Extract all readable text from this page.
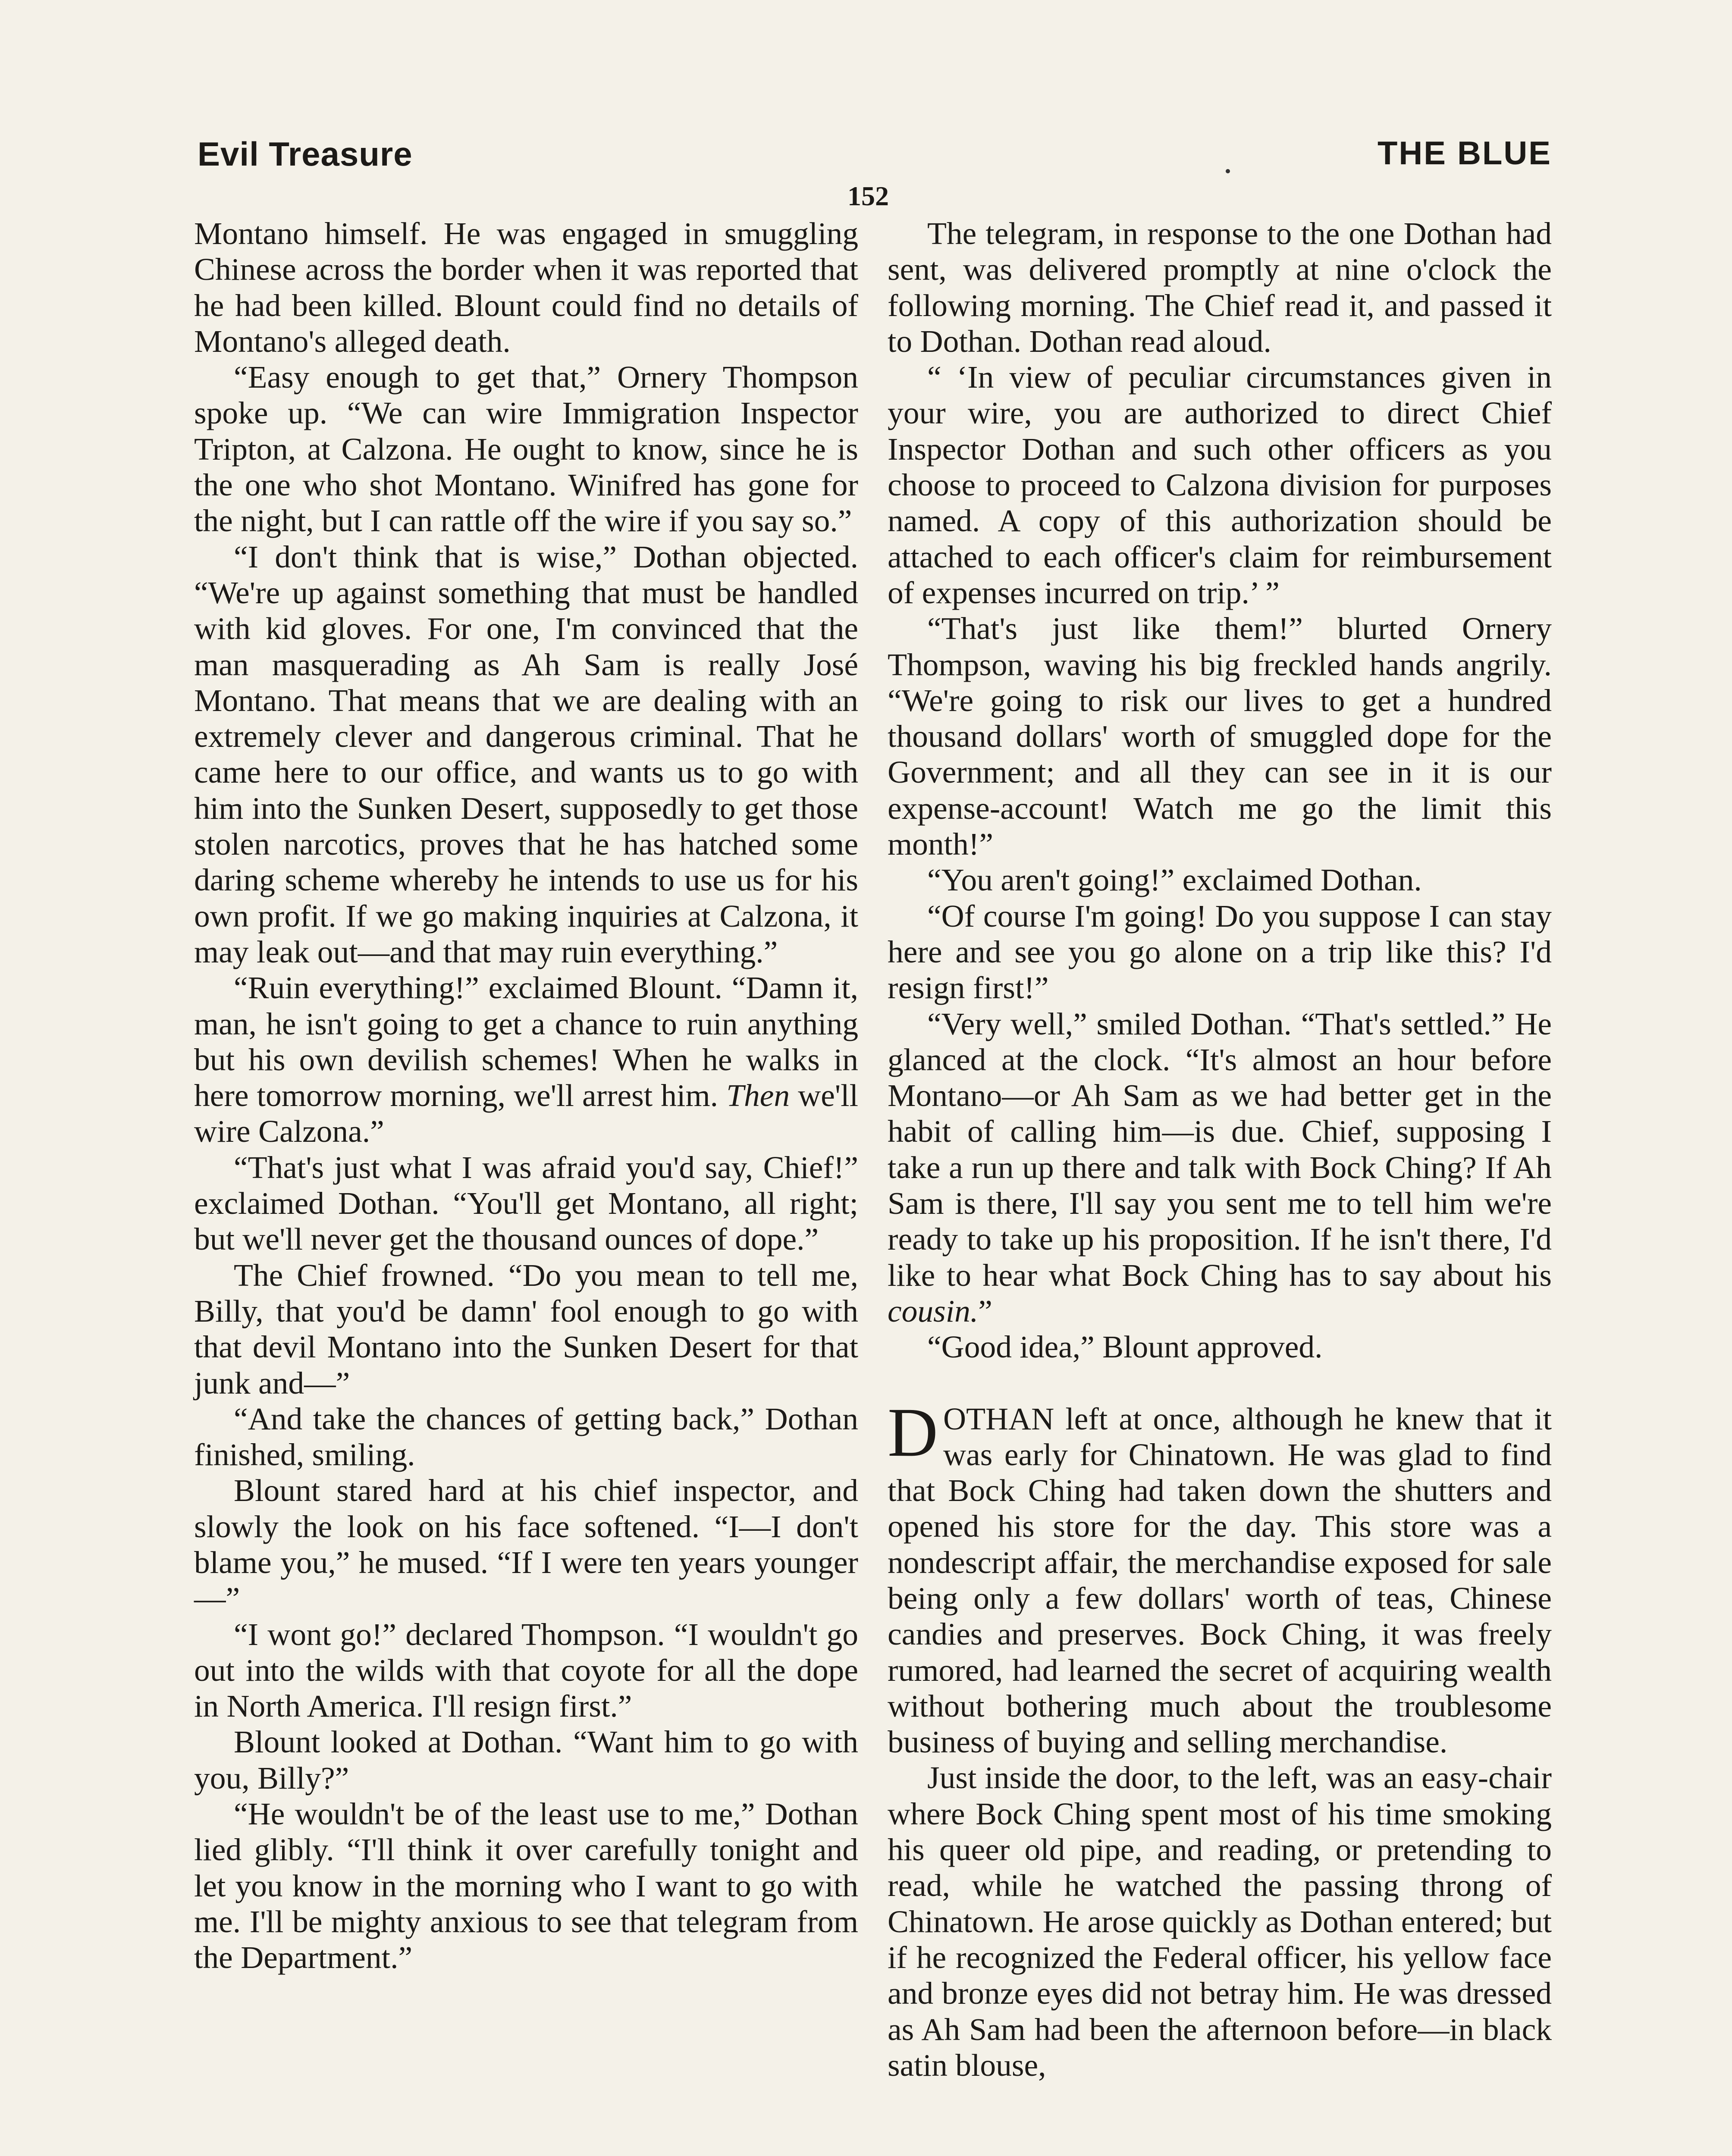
Evil Treasure	THE BLUE
152

Montano himself. He was engaged in smuggling Chinese across the border when it was reported that he had been killed. Blount could find no details of Montano's alleged death.

“Easy enough to get that,” Ornery Thompson spoke up. “We can wire Immigration Inspector Tripton, at Calzona. He ought to know, since he is the one who shot Montano. Winifred has gone for the night, but I can rattle off the wire if you say so.”

“I don't think that is wise,” Dothan objected. “We're up against something that must be handled with kid gloves. For one, I'm convinced that the man masquerading as Ah Sam is really José Montano. That means that we are dealing with an extremely clever and dangerous criminal. That he came here to our office, and wants us to go with him into the Sunken Desert, supposedly to get those stolen narcotics, proves that he has hatched some daring scheme whereby he intends to use us for his own profit. If we go making inquiries at Calzona, it may leak out—and that may ruin everything.”

“Ruin everything!” exclaimed Blount. “Damn it, man, he isn't going to get a chance to ruin anything but his own devilish schemes! When he walks in here tomorrow morning, we'll arrest him. Then we'll wire Calzona.”

“That's just what I was afraid you'd say, Chief!” exclaimed Dothan. “You'll get Montano, all right; but we'll never get the thousand ounces of dope.”

The Chief frowned. “Do you mean to tell me, Billy, that you'd be damn' fool enough to go with that devil Montano into the Sunken Desert for that junk and—”

“And take the chances of getting back,” Dothan finished, smiling.

Blount stared hard at his chief inspector, and slowly the look on his face softened. “I—I don't blame you,” he mused. “If I were ten years younger—”

“I wont go!” declared Thompson. “I wouldn't go out into the wilds with that coyote for all the dope in North America. I'll resign first.”

Blount looked at Dothan. “Want him to go with you, Billy?”

“He wouldn't be of the least use to me,” Dothan lied glibly. “I'll think it over carefully tonight and let you know in the morning who I want to go with me. I'll be mighty anxious to see that telegram from the Department.”

The telegram, in response to the one Dothan had sent, was delivered promptly at nine o'clock the following morning. The Chief read it, and passed it to Dothan. Dothan read aloud.

“ ‘In view of peculiar circumstances given in your wire, you are authorized to direct Chief Inspector Dothan and such other officers as you choose to proceed to Calzona division for purposes named. A copy of this authorization should be attached to each officer's claim for reimbursement of expenses incurred on trip.’ ”

“That's just like them!” blurted Ornery Thompson, waving his big freckled hands angrily. “We're going to risk our lives to get a hundred thousand dollars' worth of smuggled dope for the Government; and all they can see in it is our expense-account! Watch me go the limit this month!”

“You aren't going!” exclaimed Dothan.

“Of course I'm going! Do you suppose I can stay here and see you go alone on a trip like this? I'd resign first!”

“Very well,” smiled Dothan. “That's settled.” He glanced at the clock. “It's almost an hour before Montano—or Ah Sam as we had better get in the habit of calling him—is due. Chief, supposing I take a run up there and talk with Bock Ching? If Ah Sam is there, I'll say you sent me to tell him we're ready to take up his proposition. If he isn't there, I'd like to hear what Bock Ching has to say about his cousin.”

“Good idea,” Blount approved.

DOTHAN left at once, although he knew that it was early for Chinatown. He was glad to find that Bock Ching had taken down the shutters and opened his store for the day. This store was a nondescript affair, the merchandise exposed for sale being only a few dollars' worth of teas, Chinese candies and preserves. Bock Ching, it was freely rumored, had learned the secret of acquiring wealth without bothering much about the troublesome business of buying and selling merchandise.

Just inside the door, to the left, was an easy-chair where Bock Ching spent most of his time smoking his queer old pipe, and reading, or pretending to read, while he watched the passing throng of Chinatown. He arose quickly as Dothan entered; but if he recognized the Federal officer, his yellow face and bronze eyes did not betray him. He was dressed as Ah Sam had been the afternoon before—in black satin blouse,
